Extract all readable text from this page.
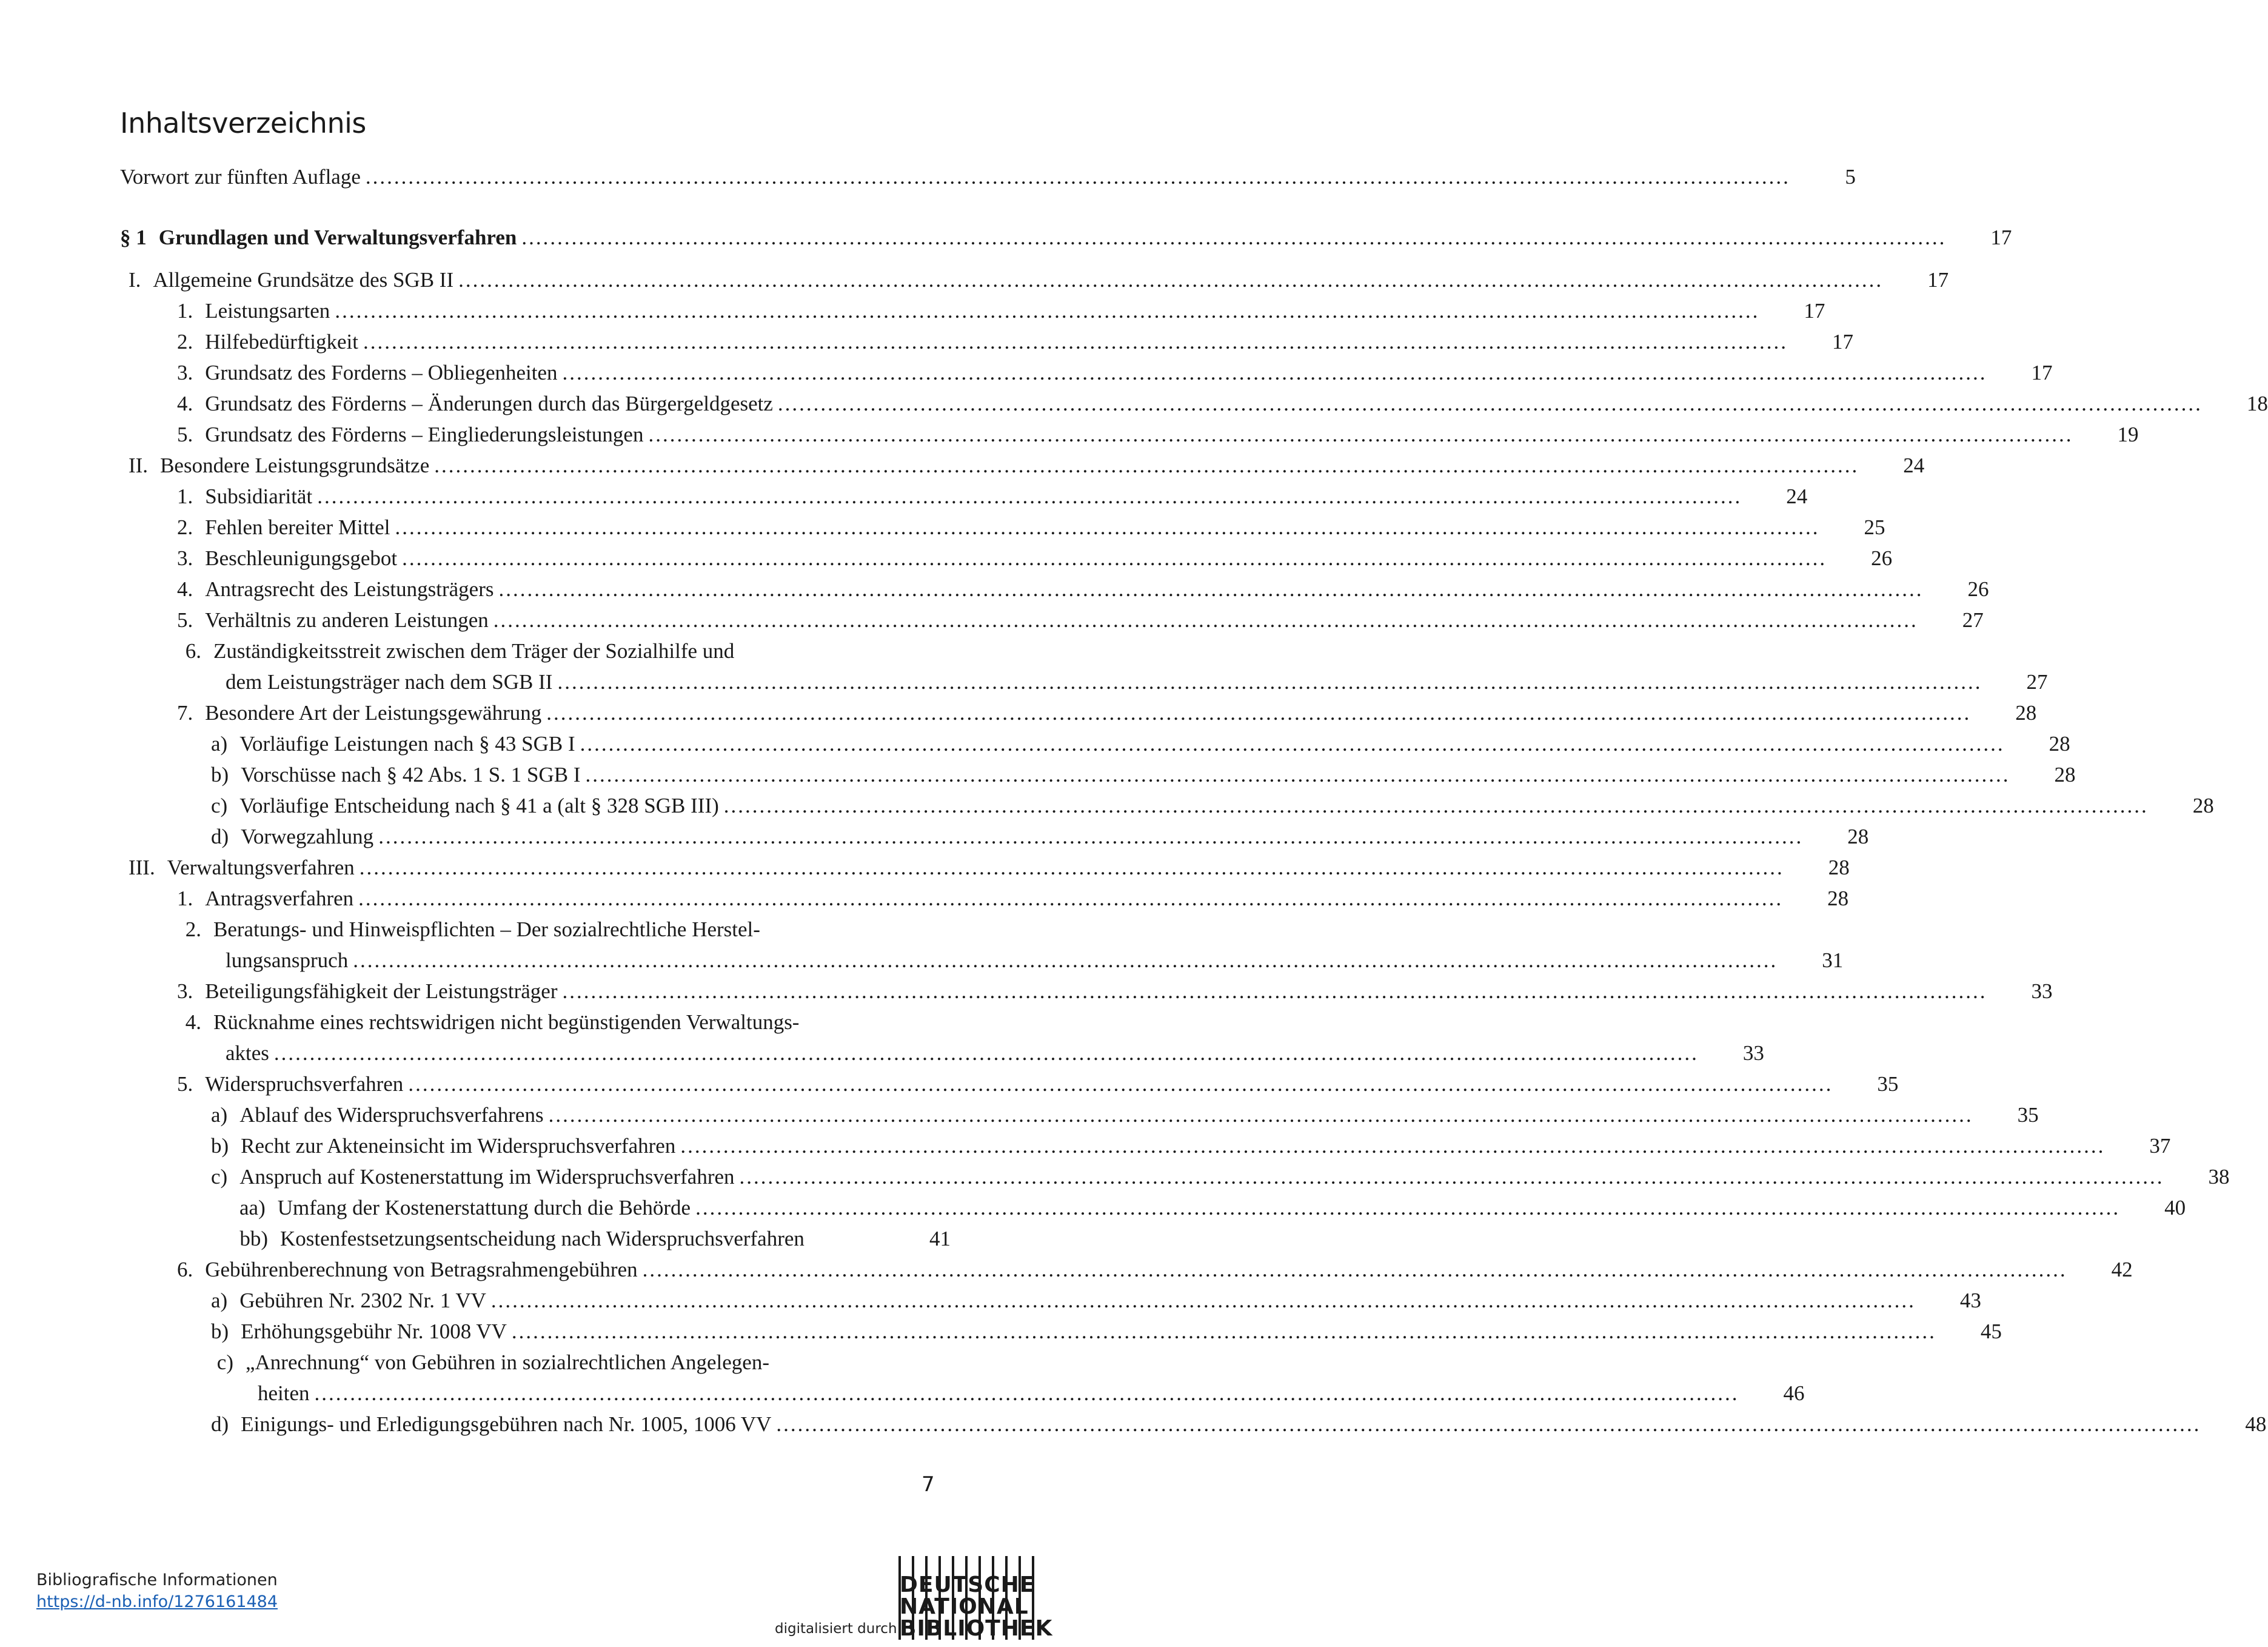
Inhaltsverzeichnis
Vorwort zur fünften Auflage ........................................................................................................................................................................................................	5
§ 1 Grundlagen und Verwaltungsverfahren ........................................................................................................................................................................................................	17
I. Allgemeine Grundsätze des SGB II ........................................................................................................................................................................................................	17
1. Leistungsarten ........................................................................................................................................................................................................	17
2. Hilfebedürftigkeit ........................................................................................................................................................................................................	17
3. Grundsatz des Forderns – Obliegenheiten ........................................................................................................................................................................................................	17
4. Grundsatz des Förderns – Änderungen durch das Bürgergeldgesetz ........................................................................................................................................................................................................	18
5. Grundsatz des Förderns – Eingliederungsleistungen ........................................................................................................................................................................................................	19
II. Besondere Leistungsgrundsätze ........................................................................................................................................................................................................	24
1. Subsidiarität ........................................................................................................................................................................................................	24
2. Fehlen bereiter Mittel ........................................................................................................................................................................................................	25
3. Beschleunigungsgebot ........................................................................................................................................................................................................	26
4. Antragsrecht des Leistungsträgers ........................................................................................................................................................................................................	26
5. Verhältnis zu anderen Leistungen ........................................................................................................................................................................................................	27
6. Zuständigkeitsstreit zwischen dem Träger der Sozialhilfe und
dem Leistungsträger nach dem SGB II ........................................................................................................................................................................................................	27
7. Besondere Art der Leistungsgewährung ........................................................................................................................................................................................................	28
a) Vorläufige Leistungen nach § 43 SGB I ........................................................................................................................................................................................................	28
b) Vorschüsse nach § 42 Abs. 1 S. 1 SGB I ........................................................................................................................................................................................................	28
c) Vorläufige Entscheidung nach § 41 a (alt § 328 SGB III) ........................................................................................................................................................................................................	28
d) Vorwegzahlung ........................................................................................................................................................................................................	28
III. Verwaltungsverfahren ........................................................................................................................................................................................................	28
1. Antragsverfahren ........................................................................................................................................................................................................	28
2. Beratungs- und Hinweispflichten – Der sozialrechtliche Herstel-
lungsanspruch ........................................................................................................................................................................................................	31
3. Beteiligungsfähigkeit der Leistungsträger ........................................................................................................................................................................................................	33
4. Rücknahme eines rechtswidrigen nicht begünstigenden Verwaltungs-
aktes ........................................................................................................................................................................................................	33
5. Widerspruchsverfahren ........................................................................................................................................................................................................	35
a) Ablauf des Widerspruchsverfahrens ........................................................................................................................................................................................................	35
b) Recht zur Akteneinsicht im Widerspruchsverfahren ........................................................................................................................................................................................................	37
c) Anspruch auf Kostenerstattung im Widerspruchsverfahren ........................................................................................................................................................................................................	38
aa) Umfang der Kostenerstattung durch die Behörde ........................................................................................................................................................................................................	40
bb) Kostenfestsetzungsentscheidung nach Widerspruchsverfahren	41
6. Gebührenberechnung von Betragsrahmengebühren ........................................................................................................................................................................................................	42
a) Gebühren Nr. 2302 Nr. 1 VV ........................................................................................................................................................................................................	43
b) Erhöhungsgebühr Nr. 1008 VV ........................................................................................................................................................................................................	45
c) „Anrechnung“ von Gebühren in sozialrechtlichen Angelegen-
heiten ........................................................................................................................................................................................................	46
d) Einigungs- und Erledigungsgebühren nach Nr. 1005, 1006 VV ........................................................................................................................................................................................................	48
7
Bibliografische Informationen
https://d-nb.info/1276161484
digitalisiert durch
DEUTSCHE
NATIONAL
BIBLIOTHEK
